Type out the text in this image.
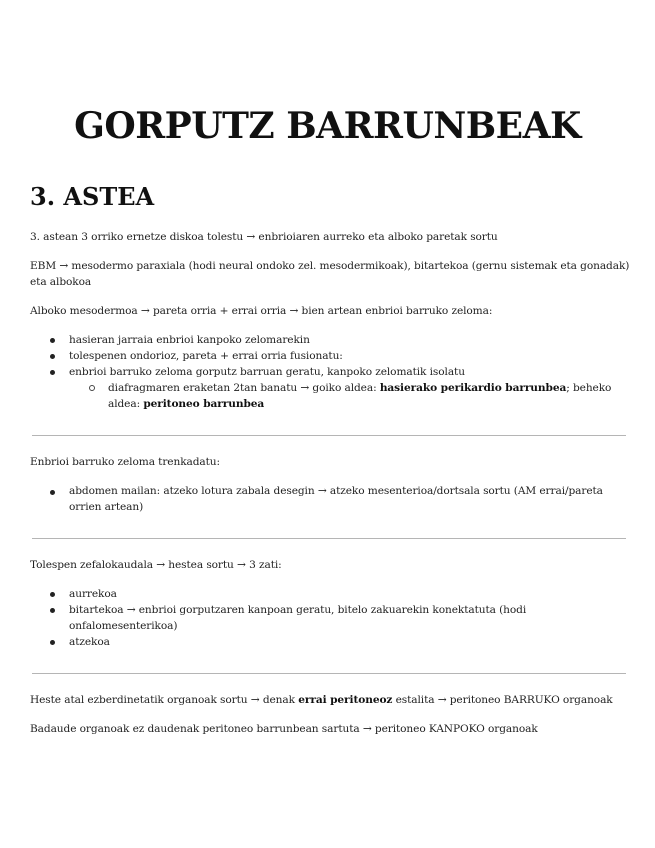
GORPUTZ BARRUNBEAK
3. ASTEA
3. astean 3 orriko ernetze diskoa tolestu → enbrioiaren aurreko eta alboko paretak sortu
EBM → mesodermo paraxiala (hodi neural ondoko zel. mesodermikoak), bitartekoa (gernu sistemak eta gonadak)
eta albokoa
Alboko mesodermoa → pareta orria + errai orria → bien artean enbrioi barruko zeloma:
hasieran jarraia enbrioi kanpoko zelomarekin
tolespenen ondorioz, pareta + errai orria fusionatu:
enbrioi barruko zeloma gorputz barruan geratu, kanpoko zelomatik isolatu
diafragmaren eraketan 2tan banatu → goiko aldea: hasierako perikardio barrunbea; beheko
aldea: peritoneo barrunbea
Enbrioi barruko zeloma trenkadatu:
abdomen mailan: atzeko lotura zabala desegin → atzeko mesenterioa/dortsala sortu (AM errai/pareta
orrien artean)
Tolespen zefalokaudala → hestea sortu → 3 zati:
aurrekoa
bitartekoa → enbrioi gorputzaren kanpoan geratu, bitelo zakuarekin konektatuta (hodi
onfalomesenterikoa)
atzekoa
Heste atal ezberdinetatik organoak sortu → denak errai peritoneoz estalita → peritoneo BARRUKO organoak
Badaude organoak ez daudenak peritoneo barrunbean sartuta → peritoneo KANPOKO organoak
